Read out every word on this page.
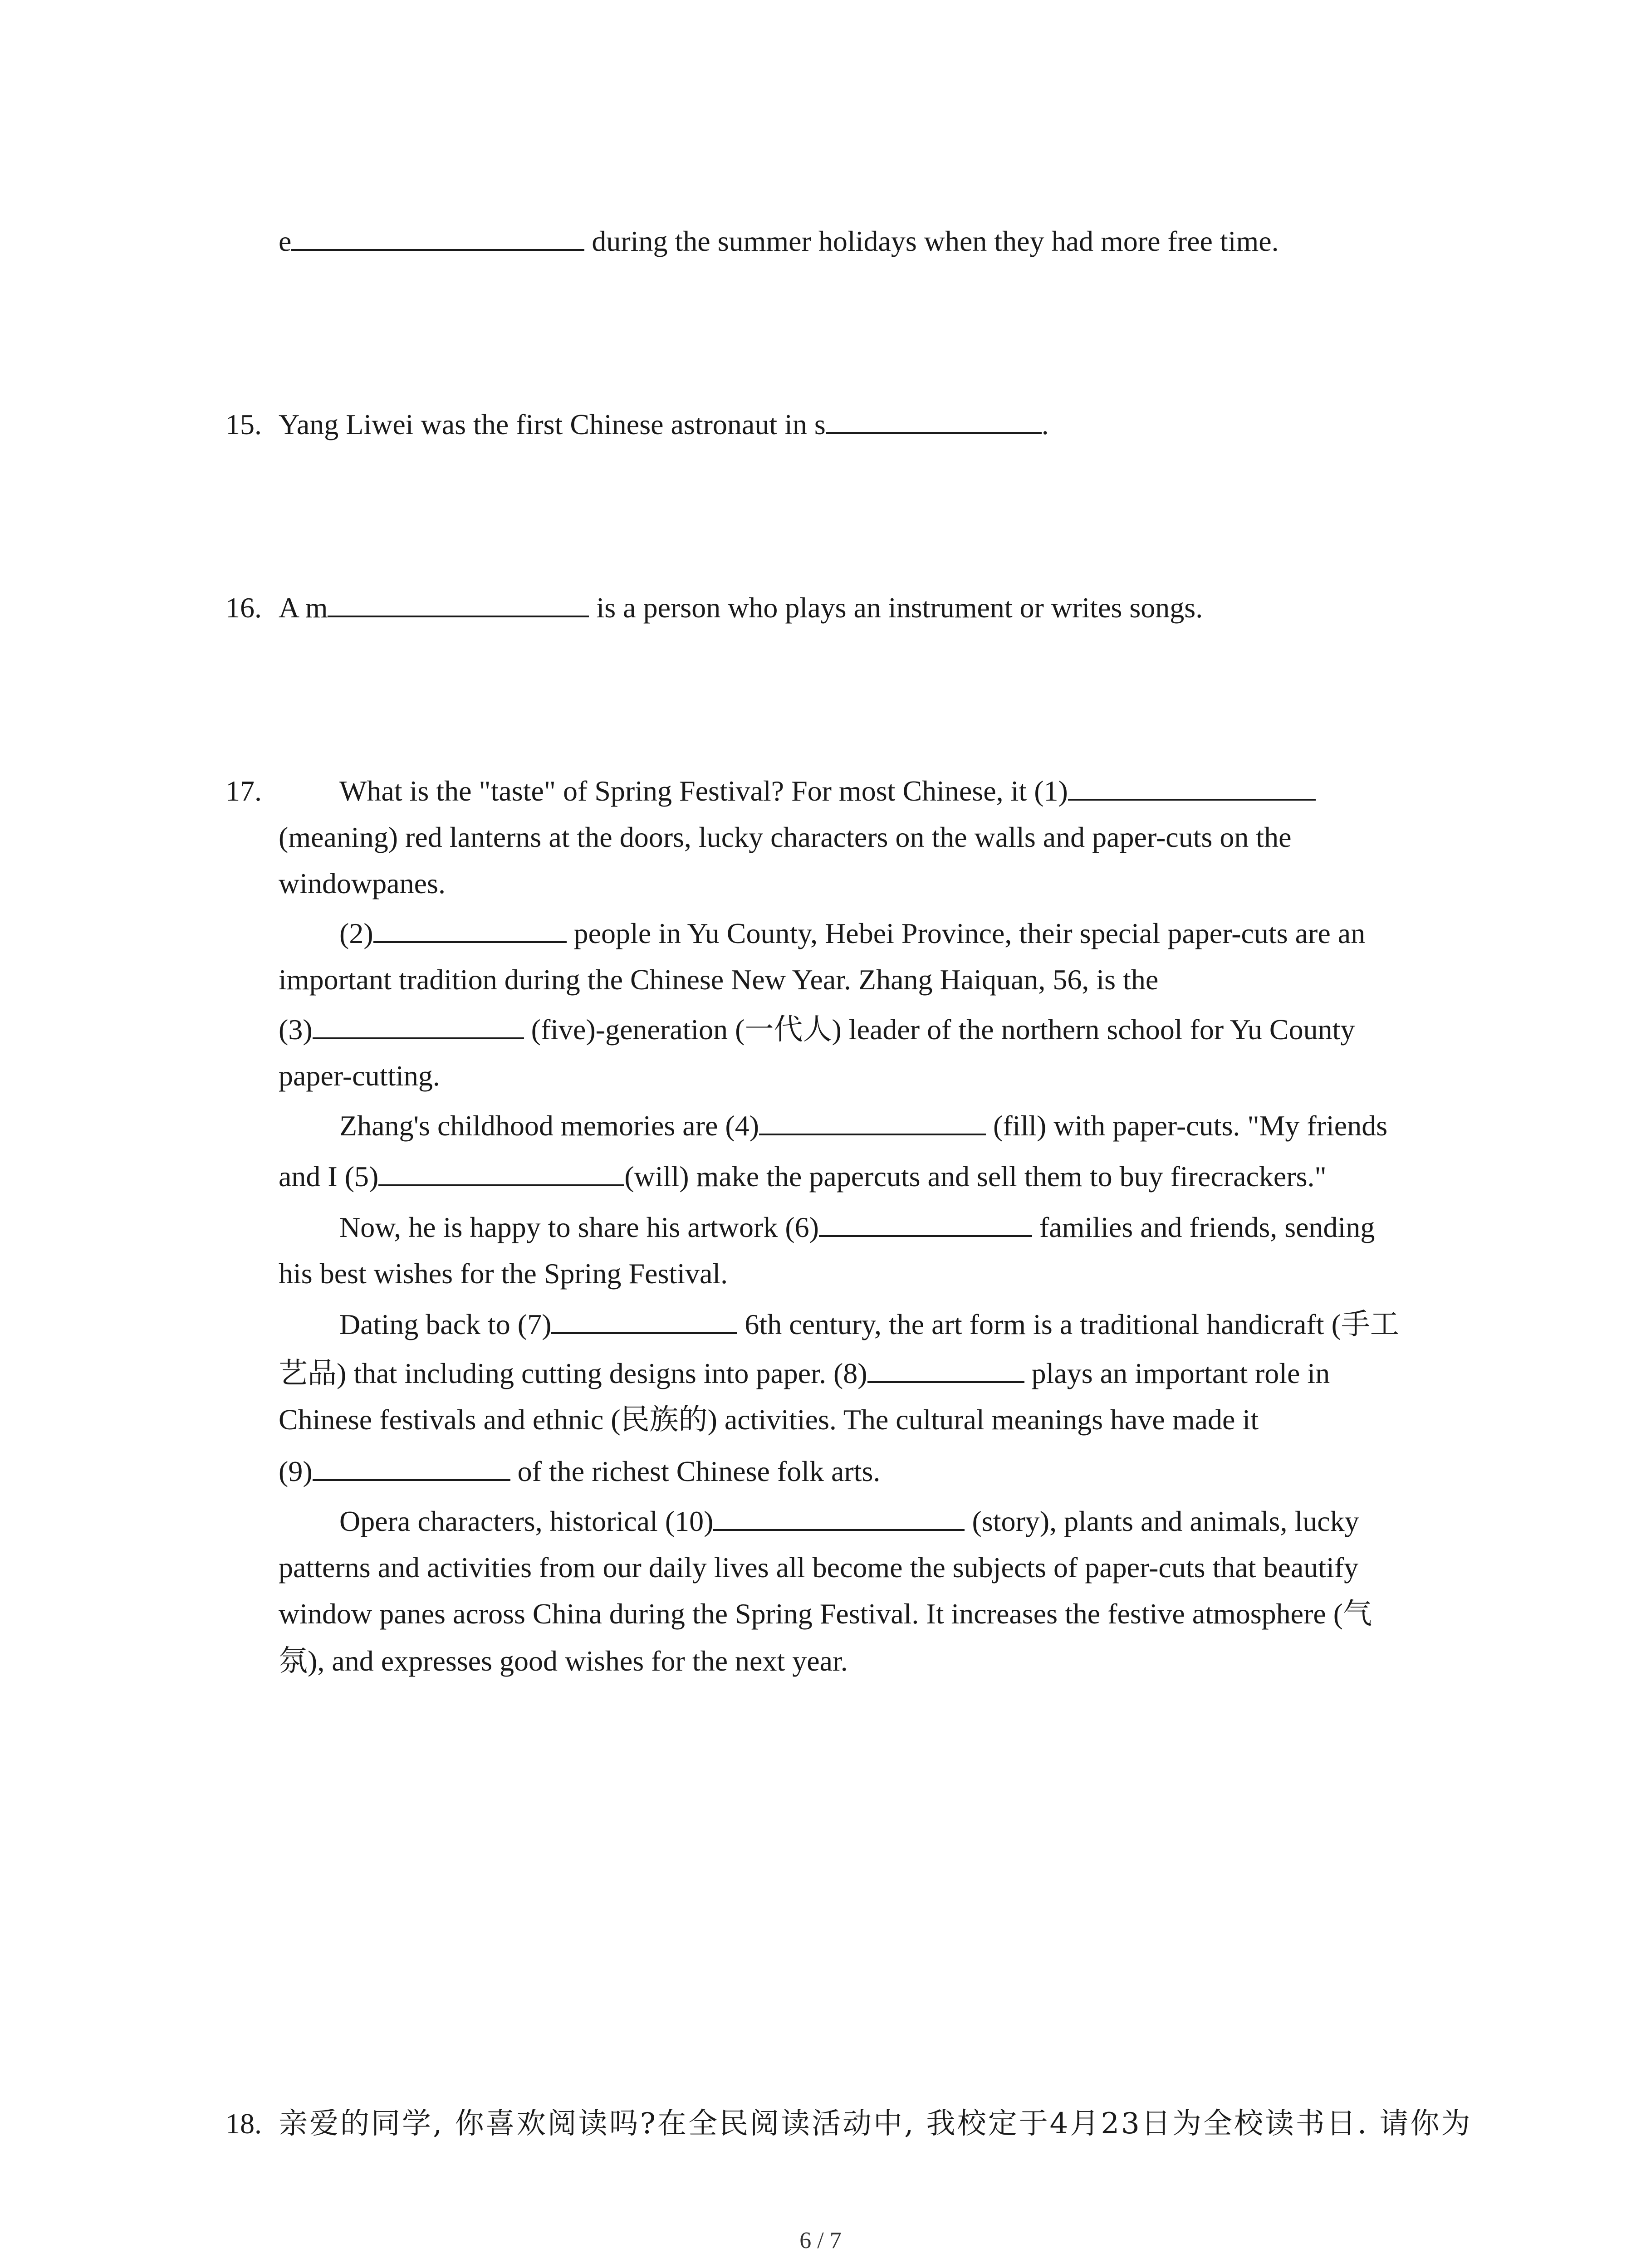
e	during the summer holidays when they had more free time.
15. Yang Liwei was the first Chinese astronaut in s	.
16. A m	is a person who plays an instrument or writes songs.
17.	What is the "taste" of Spring Festival? For most Chinese, it (1)
(meaning) red lanterns at the doors, lucky characters on the walls and paper-cuts on the
windowpanes.
(2)	people in Yu County, Hebei Province, their special paper-cuts are an
important tradition during the Chinese New Year. Zhang Haiquan, 56, is the
(3)	(five)-generation (一代人) leader of the northern school for Yu County
paper-cutting.
Zhang's childhood memories are (4)	(fill) with paper-cuts. "My friends
and I (5)	(will) make the papercuts and sell them to buy firecrackers."
Now, he is happy to share his artwork (6)	families and friends, sending
his best wishes for the Spring Festival.
Dating back to (7)	6th century, the art form is a traditional handicraft (手工
艺品) that including cutting designs into paper. (8)	plays an important role in
Chinese festivals and ethnic (民族的) activities. The cultural meanings have made it
(9)	of the richest Chinese folk arts.
Opera characters, historical (10)	(story), plants and animals, lucky
patterns and activities from our daily lives all become the subjects of paper-cuts that beautify
window panes across China during the Spring Festival. It increases the festive atmosphere (气
氛), and expresses good wishes for the next year.
18. 亲爱的同学, 你喜欢阅读吗?在全民阅读活动中, 我校定于4月23日为全校读书日. 请你为
6 / 7
